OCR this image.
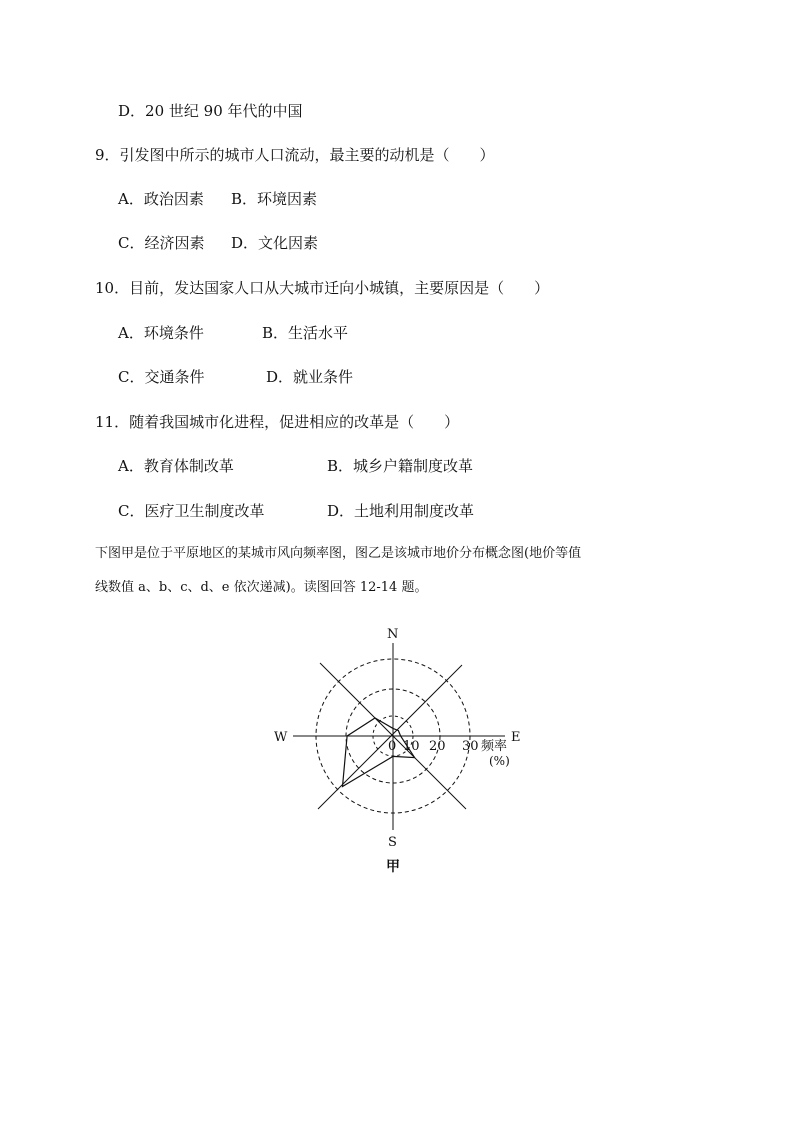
D．20 世纪 90 年代的中国
9．引发图中所示的城市人口流动，最主要的动机是（　　）
A．政治因素 B．环境因素
C．经济因素 D．文化因素
10．目前，发达国家人口从大城市迁向小城镇，主要原因是（　　）
A．环境条件	B．生活水平
C．交通条件	D．就业条件
11．随着我国城市化进程，促进相应的改革是（　　）
A．教育体制改革	B．城乡户籍制度改革
C．医疗卫生制度改革	D．土地利用制度改革
下图甲是位于平原地区的某城市风向频率图，图乙是该城市地价分布概念图(地价等值
线数值 a、b、c、d、e 依次递减)。读图回答 12-14 题。
N
S
E
W
0 10 20 30 频率
(%)
甲
